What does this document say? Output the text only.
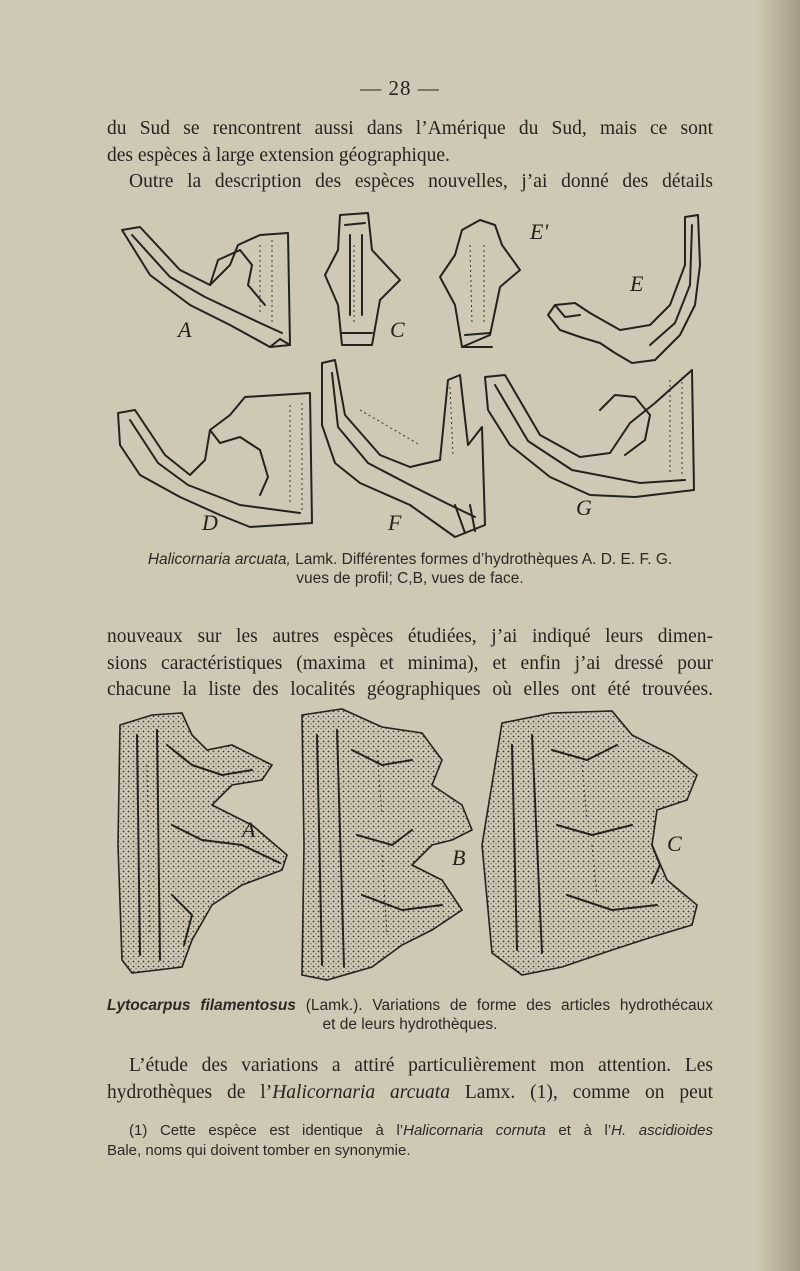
— 28 —
du Sud se rencontrent aussi dans l’Amérique du Sud, mais ce sont
des espèces à large extension géographique.
Outre la description des espèces nouvelles, j’ai donné des détails
A	C
E'
E
D	F
G
Halicornaria arcuata, Lamk. Différentes formes d’hydrothèques A. D. E. F. G.
vues de profil; C,B, vues de face.
nouveaux sur les autres espèces étudiées, j’ai indiqué leurs dimen-
sions caractéristiques (maxima et minima), et enfin j’ai dressé pour
chacune la liste des localités géographiques où elles ont été trouvées.
A
B
C
Lytocarpus filamentosus (Lamk.). Variations de forme des articles hydrothécaux
et de leurs hydrothèques.
L’étude des variations a attiré particulièrement mon attention. Les
hydrothèques de l’Halicornaria arcuata Lamx. (1), comme on peut
(1) Cette espèce est identique à l’Halicornaria cornuta et à l’H. ascidioides
Bale, noms qui doivent tomber en synonymie.
